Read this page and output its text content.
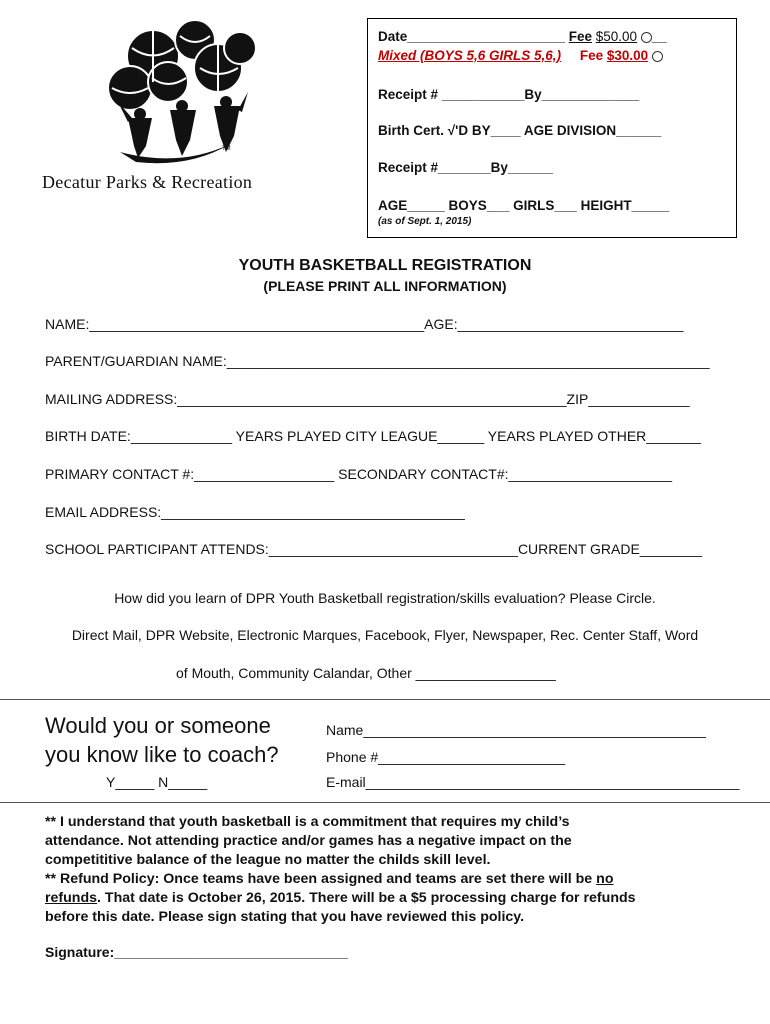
TM
Decatur Parks & Recreation
Date_____________________ Fee $50.00 __
Mixed (BOYS 5,6 GIRLS 5,6,) Fee $30.00
Receipt # ___________By_____________
Birth Cert. √'D BY____ AGE DIVISION______
Receipt #_______By______
AGE_____ BOYS___ GIRLS___ HEIGHT_____
(as of Sept. 1, 2015)
YOUTH BASKETBALL REGISTRATION
(PLEASE PRINT ALL INFORMATION)
NAME:___________________________________________AGE:_____________________________
PARENT/GUARDIAN NAME:______________________________________________________________
MAILING ADDRESS:__________________________________________________ZIP_____________
BIRTH DATE:_____________ YEARS PLAYED CITY LEAGUE______ YEARS PLAYED OTHER_______
PRIMARY CONTACT #:__________________ SECONDARY CONTACT#:_____________________
EMAIL ADDRESS:_______________________________________
SCHOOL PARTICIPANT ATTENDS:________________________________CURRENT GRADE________
How did you learn of DPR Youth Basketball registration/skills evaluation? Please Circle.
Direct Mail, DPR Website, Electronic Marques, Facebook, Flyer, Newspaper, Rec. Center Staff, Word
of Mouth, Community Calandar, Other __________________
Would you or someone
you know like to coach?
Y_____ N_____
Name____________________________________________
Phone #________________________
E-mail________________________________________________
** I understand that youth basketball is a commitment that requires my child’s
attendance. Not attending practice and/or games has a negative impact on the
competititive balance of the league no matter the childs skill level.
** Refund Policy: Once teams have been assigned and teams are set there will be no
refunds. That date is October 26, 2015. There will be a $5 processing charge for refunds
before this date. Please sign stating that you have reviewed this policy.
Signature:______________________________
